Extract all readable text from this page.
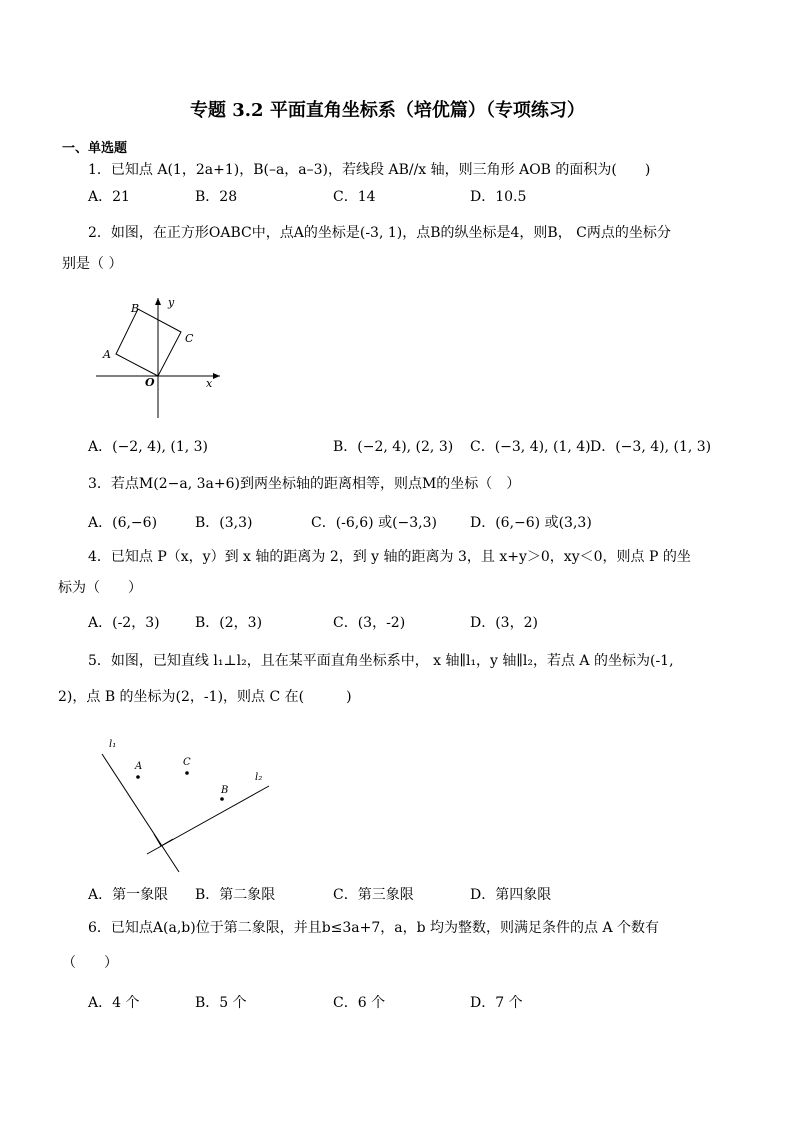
专题 3.2 平面直角坐标系（培优篇）（专项练习）
一、单选题
1．已知点 A(1，2a+1)，B(–a，a–3)，若线段 AB//x 轴，则三角形 AOB 的面积为(　　)
A．21	B．28	C．14	D．10.5
2．如图，在正方形OABC中，点A的坐标是(-3, 1)，点B的纵坐标是4，则B， C两点的坐标分
别是（ ）
B	y
C
A
O	x
A．(−2, 4), (1, 3)	B．(−2, 4), (2, 3) C．(−3, 4), (1, 4) D．(−3, 4), (1, 3)
3．若点M(2−a, 3a+6)到两坐标轴的距离相等，则点M的坐标（　）
A．(6,−6)	B．(3,3)	C．(-6,6) 或(−3,3) D．(6,−6) 或(3,3)
4．已知点 P（x，y）到 x 轴的距离为 2，到 y 轴的距离为 3，且 x+y＞0，xy＜0，则点 P 的坐
标为（　　）
A．(-2，3)	B．(2，3)	C．(3，-2)	D．(3，2)
5．如图，已知直线 l₁⊥l₂，且在某平面直角坐标系中， x 轴∥l₁，y 轴∥l₂，若点 A 的坐标为(-1,
2)，点 B 的坐标为(2，-1)，则点 C 在(　　　)
l₁
l₂
A	C
B
A．第一象限 B．第二象限	C．第三象限	D．第四象限
6．已知点A(a,b)位于第二象限，并且b≤3a+7，a，b 均为整数，则满足条件的点 A 个数有
（　　）
A．4 个	B．5 个	C．6 个	D．7 个
